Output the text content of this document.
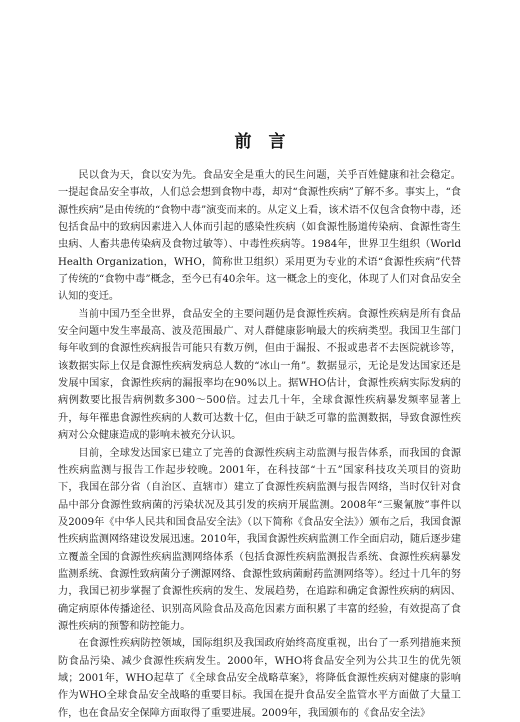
前　言

民以食为天，食以安为先。食品安全是重大的民生问题，关乎百姓健康和社会稳定。一提起食品安全事故，人们总会想到食物中毒，却对“食源性疾病”了解不多。事实上，“食源性疾病”是由传统的“食物中毒”演变而来的。从定义上看，该术语不仅包含食物中毒，还包括食品中的致病因素进入人体而引起的感染性疾病（如食源性肠道传染病、食源性寄生虫病、人畜共患传染病及食物过敏等）、中毒性疾病等。1984年，世界卫生组织（World Health Organization，WHO，简称世卫组织）采用更为专业的术语“食源性疾病”代替了传统的“食物中毒”概念，至今已有40余年。这一概念上的变化，体现了人们对食品安全认知的变迁。

当前中国乃至全世界，食品安全的主要问题仍是食源性疾病。食源性疾病是所有食品安全问题中发生率最高、波及范围最广、对人群健康影响最大的疾病类型。我国卫生部门每年收到的食源性疾病报告可能只有数万例，但由于漏报、不报或患者不去医院就诊等，该数据实际上仅是食源性疾病发病总人数的“冰山一角”。数据显示，无论是发达国家还是发展中国家，食源性疾病的漏报率均在90%以上。据WHO估计，食源性疾病实际发病的病例数要比报告病例数多300～500倍。过去几十年，全球食源性疾病暴发频率显著上升，每年罹患食源性疾病的人数可达数十亿，但由于缺乏可靠的监测数据，导致食源性疾病对公众健康造成的影响未被充分认识。

目前，全球发达国家已建立了完善的食源性疾病主动监测与报告体系，而我国的食源性疾病监测与报告工作起步较晚。2001年，在科技部“十五”国家科技攻关项目的资助下，我国在部分省（自治区、直辖市）建立了食源性疾病监测与报告网络，当时仅针对食品中部分食源性致病菌的污染状况及其引发的疾病开展监测。2008年“三聚氰胺”事件以及2009年《中华人民共和国食品安全法》（以下简称《食品安全法》）颁布之后，我国食源性疾病监测网络建设发展迅速。2010年，我国食源性疾病监测工作全面启动，随后逐步建立覆盖全国的食源性疾病监测网络体系（包括食源性疾病监测报告系统、食源性疾病暴发监测系统、食源性致病菌分子溯源网络、食源性致病菌耐药监测网络等）。经过十几年的努力，我国已初步掌握了食源性疾病的发生、发展趋势，在追踪和确定食源性疾病的病因、确定病原体传播途径、识别高风险食品及高危因素方面积累了丰富的经验，有效提高了食源性疾病的预警和防控能力。

在食源性疾病防控领域，国际组织及我国政府始终高度重视，出台了一系列措施来预防食品污染、减少食源性疾病发生。2000年，WHO将食品安全列为公共卫生的优先领域；2001年，WHO起草了《全球食品安全战略草案》，将降低食源性疾病对健康的影响作为WHO全球食品安全战略的重要目标。我国在提升食品安全监管水平方面做了大量工作，也在食品安全保障方面取得了重要进展。2009年，我国颁布的《食品安全法》
